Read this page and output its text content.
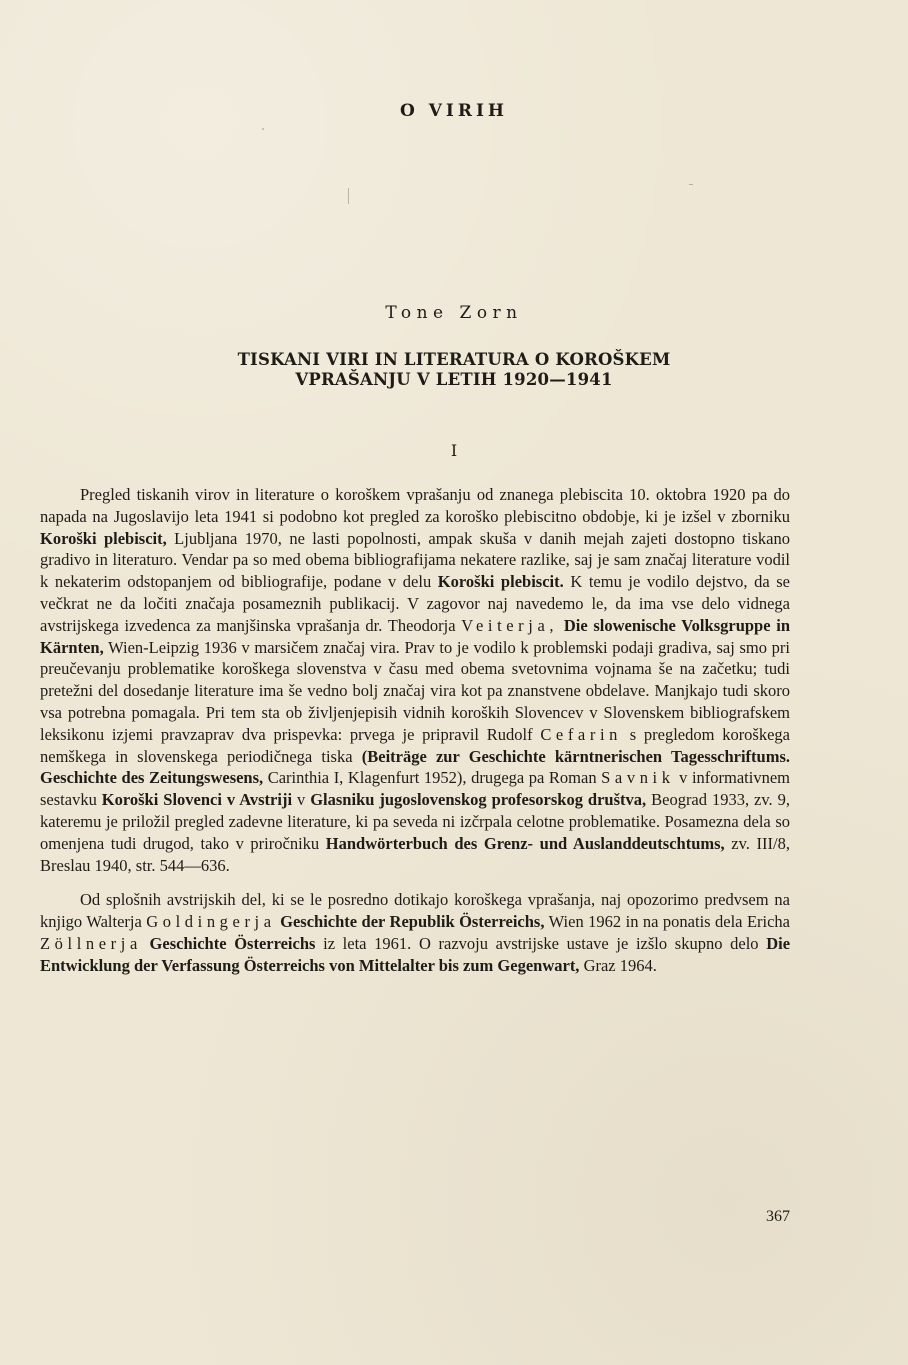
O VIRIH
Tone Zorn
TISKANI VIRI IN LITERATURA O KOROŠKEM
VPRAŠANJU V LETIH 1920—1941
I

Pregled tiskanih virov in literature o koroškem vprašanju od znanega plebiscita 10. oktobra 1920 pa do napada na Jugoslavijo leta 1941 si podobno kot pregled za koroško plebiscitno obdobje, ki je izšel v zborniku Koroški plebiscit, Ljubljana 1970, ne lasti popolnosti, ampak skuša v danih mejah zajeti dostopno tiskano gradivo in literaturo. Vendar pa so med obema bibliografijama nekatere razlike, saj je sam značaj literature vodil k nekaterim odstopanjem od bibliografije, podane v delu Koroški plebiscit. K temu je vodilo dejstvo, da se večkrat ne da ločiti značaja posameznih publikacij. V zagovor naj navedemo le, da ima vse delo vidnega avstrijskega izvedenca za manjšinska vprašanja dr. Theodorja Veiterja, Die slowenische Volksgruppe in Kärnten, Wien-Leipzig 1936 v marsičem značaj vira. Prav to je vodilo k problemski podaji gradiva, saj smo pri preučevanju problematike koroškega slovenstva v času med obema svetovnima vojnama še na začetku; tudi pretežni del dosedanje literature ima še vedno bolj značaj vira kot pa znanstvene obdelave. Manjkajo tudi skoro vsa potrebna pomagala. Pri tem sta ob življenjepisih vidnih koroških Slovencev v Slovenskem bibliografskem leksikonu izjemi pravzaprav dva prispevka: prvega je pripravil Rudolf Cefarin s pregledom koroškega nemškega in slovenskega periodičnega tiska (Beiträge zur Geschichte kärntnerischen Tagesschriftums. Geschichte des Zeitungswesens, Carinthia I, Klagenfurt 1952), drugega pa Roman Savnik v informativnem sestavku Koroški Slovenci v Avstriji v Glasniku jugoslovenskog profesorskog društva, Beograd 1933, zv. 9, kateremu je priložil pregled zadevne literature, ki pa seveda ni izčrpala celotne problematike. Posamezna dela so omenjena tudi drugod, tako v priročniku Handwörterbuch des Grenz- und Auslanddeutschtums, zv. III/8, Breslau 1940, str. 544—636.

Od splošnih avstrijskih del, ki se le posredno dotikajo koroškega vprašanja, naj opozorimo predvsem na knjigo Walterja Goldingerja Geschichte der Republik Österreichs, Wien 1962 in na ponatis dela Ericha Zöllnerja Geschichte Österreichs iz leta 1961. O razvoju avstrijske ustave je izšlo skupno delo Die Entwicklung der Verfassung Österreichs von Mittelalter bis zum Gegenwart, Graz 1964.

367
